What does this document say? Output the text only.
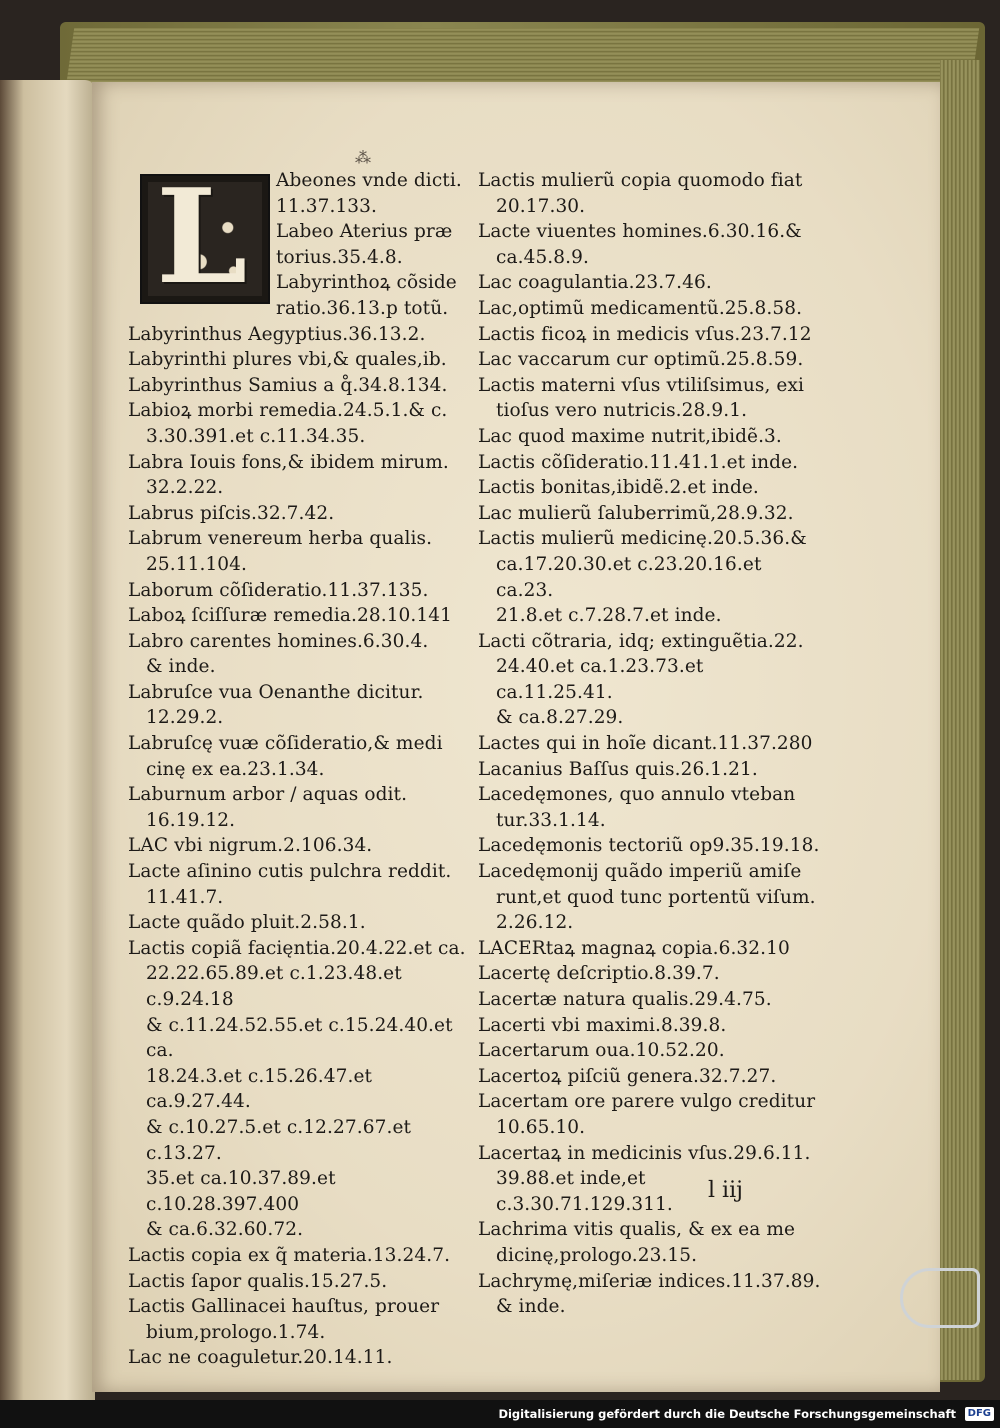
⁂
L	Abeones vnde dicti.
11.37.133.
Labeo Aterius præ
torius.35.4.8.
Labyrinthoꝝ cõside
ratio.36.13.p totũ.
Labyrinthus Aegyptius.36.13.2.
Labyrinthi plures vbi,& quales,ib.
Labyrinthus Samius a q̊.34.8.134.
Labioꝝ morbi remedia.24.5.1.& c.
3.30.391.et c.11.34.35.
Labra Iouis fons,& ibidem mirum.
32.2.22.
Labrus piſcis.32.7.42.
Labrum venereum herba qualis.
25.11.104.
Laborum cõſideratio.11.37.135.
Laboꝝ ſciſſuræ remedia.28.10.141
Labro carentes homines.6.30.4.
& inde.
Labruſce vua Oenanthe dicitur.
12.29.2.
Labruſcę vuæ cõſideratio,& medi
cinę ex ea.23.1.34.
Laburnum arbor / aquas odit.
16.19.12.
LAC vbi nigrum.2.106.34.
Lacte aſinino cutis pulchra reddit.
11.41.7.
Lacte quãdo pluit.2.58.1.
Lactis copiã facięntia.20.4.22.et ca.
22.22.65.89.et c.1.23.48.et c.9.24.18
& c.11.24.52.55.et c.15.24.40.et ca.
18.24.3.et c.15.26.47.et ca.9.27.44.
& c.10.27.5.et c.12.27.67.et c.13.27.
35.et ca.10.37.89.et c.10.28.397.400
& ca.6.32.60.72.
Lactis copia ex q̃ materia.13.24.7.
Lactis ſapor qualis.15.27.5.
Lactis Gallinacei hauſtus, prouer
bium,prologo.1.74.
Lac ne coaguletur.20.14.11.
Lactis mulierũ copia quomodo fiat
20.17.30.
Lacte viuentes homines.6.30.16.&
ca.45.8.9.
Lac coagulantia.23.7.46.
Lac,optimũ medicamentũ.25.8.58.
Lactis ficoꝝ in medicis vſus.23.7.12
Lac vaccarum cur optimũ.25.8.59.
Lactis materni vſus vtiliſsimus, exi
tioſus vero nutricis.28.9.1.
Lac quod maxime nutrit,ibidẽ.3.
Lactis cõſideratio.11.41.1.et inde.
Lactis bonitas,ibidẽ.2.et inde.
Lac mulierũ ſaluberrimũ,28.9.32.
Lactis mulierũ medicinę.20.5.36.&
ca.17.20.30.et c.23.20.16.et ca.23.
21.8.et c.7.28.7.et inde.
Lacti cõtraria, idq; extinguẽtia.22.
24.40.et ca.1.23.73.et ca.11.25.41.
& ca.8.27.29.
Lactes qui in hoĩe dicant.11.37.280
Lacanius Baſſus quis.26.1.21.
Lacedęmones, quo annulo vteban
tur.33.1.14.
Lacedęmonis tectoriũ op9.35.19.18.
Lacedęmonij quãdo imperiũ amiſe
runt,et quod tunc portentũ viſum.
2.26.12.
LACERtaꝝ magnaꝝ copia.6.32.10
Lacertę deſcriptio.8.39.7.
Lacertæ natura qualis.29.4.75.
Lacerti vbi maximi.8.39.8.
Lacertarum oua.10.52.20.
Lacertoꝝ piſciũ genera.32.7.27.
Lacertam ore parere vulgo creditur
10.65.10.
Lacertaꝝ in medicinis vſus.29.6.11.
39.88.et inde,et c.3.30.71.129.311.
Lachrima vitis qualis, & ex ea me
dicinę,prologo.23.15.
Lachrymę,miſeriæ indices.11.37.89.
& inde.
l iij
Digitalisierung gefördert durch die Deutsche Forschungsgemeinschaft	DFG
